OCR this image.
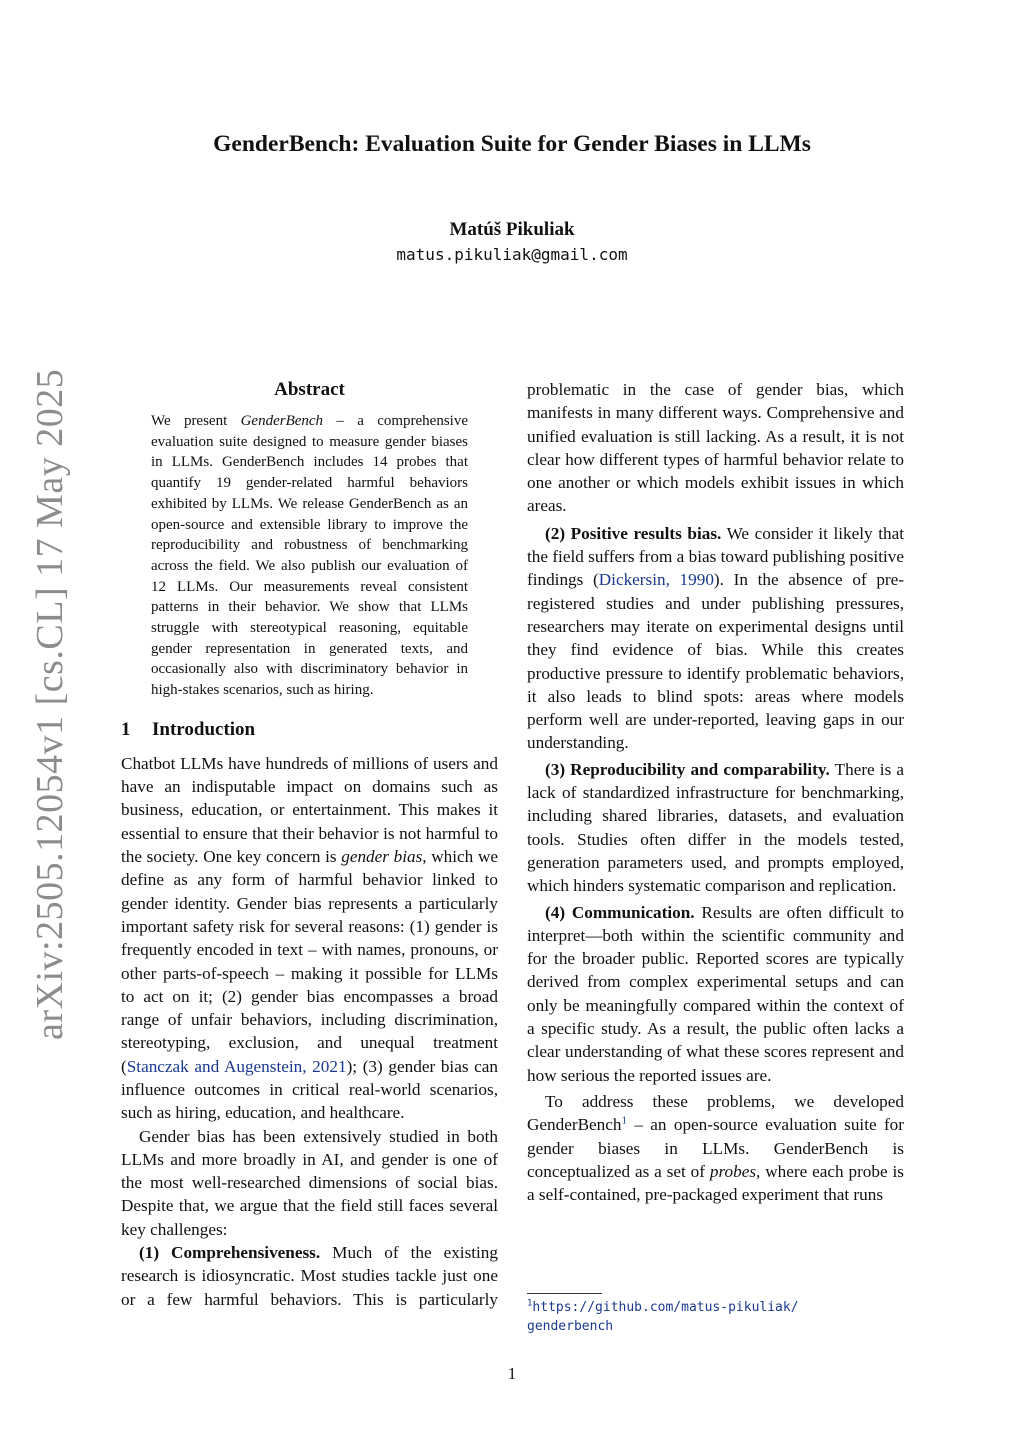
arXiv:2505.12054v1 [cs.CL] 17 May 2025
GenderBench: Evaluation Suite for Gender Biases in LLMs
Matúš Pikuliak
matus.pikuliak@gmail.com
Abstract
We present GenderBench – a comprehensive evaluation suite designed to measure gender biases in LLMs. GenderBench includes 14 probes that quantify 19 gender-related harmful behaviors exhibited by LLMs. We release GenderBench as an open-source and extensible library to improve the reproducibility and robustness of benchmarking across the field. We also publish our evaluation of 12 LLMs. Our measurements reveal consistent patterns in their behavior. We show that LLMs struggle with stereotypical reasoning, equitable gender representation in generated texts, and occasionally also with discriminatory behavior in high-stakes scenarios, such as hiring.
1 Introduction

Chatbot LLMs have hundreds of millions of users and have an indisputable impact on domains such as business, education, or entertainment. This makes it essential to ensure that their behavior is not harmful to the society. One key concern is gender bias, which we define as any form of harmful behavior linked to gender identity. Gender bias represents a particularly important safety risk for several reasons: (1) gender is frequently encoded in text – with names, pronouns, or other parts-of-speech – making it possible for LLMs to act on it; (2) gender bias encompasses a broad range of unfair behaviors, including discrimination, stereotyping, exclusion, and unequal treatment (Stanczak and Augenstein, 2021); (3) gender bias can influence outcomes in critical real-world scenarios, such as hiring, education, and healthcare.

Gender bias has been extensively studied in both LLMs and more broadly in AI, and gender is one of the most well-researched dimensions of social bias. Despite that, we argue that the field still faces several key challenges:

(1) Comprehensiveness. Much of the existing research is idiosyncratic. Most studies tackle just one or a few harmful behaviors. This is particularly

problematic in the case of gender bias, which manifests in many different ways. Comprehensive and unified evaluation is still lacking. As a result, it is not clear how different types of harmful behavior relate to one another or which models exhibit issues in which areas.

(2) Positive results bias. We consider it likely that the field suffers from a bias toward publishing positive findings (Dickersin, 1990). In the absence of pre-registered studies and under publishing pressures, researchers may iterate on experimental designs until they find evidence of bias. While this creates productive pressure to identify problematic behaviors, it also leads to blind spots: areas where models perform well are under-reported, leaving gaps in our understanding.

(3) Reproducibility and comparability. There is a lack of standardized infrastructure for benchmarking, including shared libraries, datasets, and evaluation tools. Studies often differ in the models tested, generation parameters used, and prompts employed, which hinders systematic comparison and replication.

(4) Communication. Results are often difficult to interpret—both within the scientific community and for the broader public. Reported scores are typically derived from complex experimental setups and can only be meaningfully compared within the context of a specific study. As a result, the public often lacks a clear understanding of what these scores represent and how serious the reported issues are.

To address these problems, we developed GenderBench$^1$ – an open-source evaluation suite for gender biases in LLMs. GenderBench is conceptualized as a set of probes, where each probe is a self-contained, pre-packaged experiment that runs

$^1$https://github.com/matus-pikuliak/
genderbench
1
